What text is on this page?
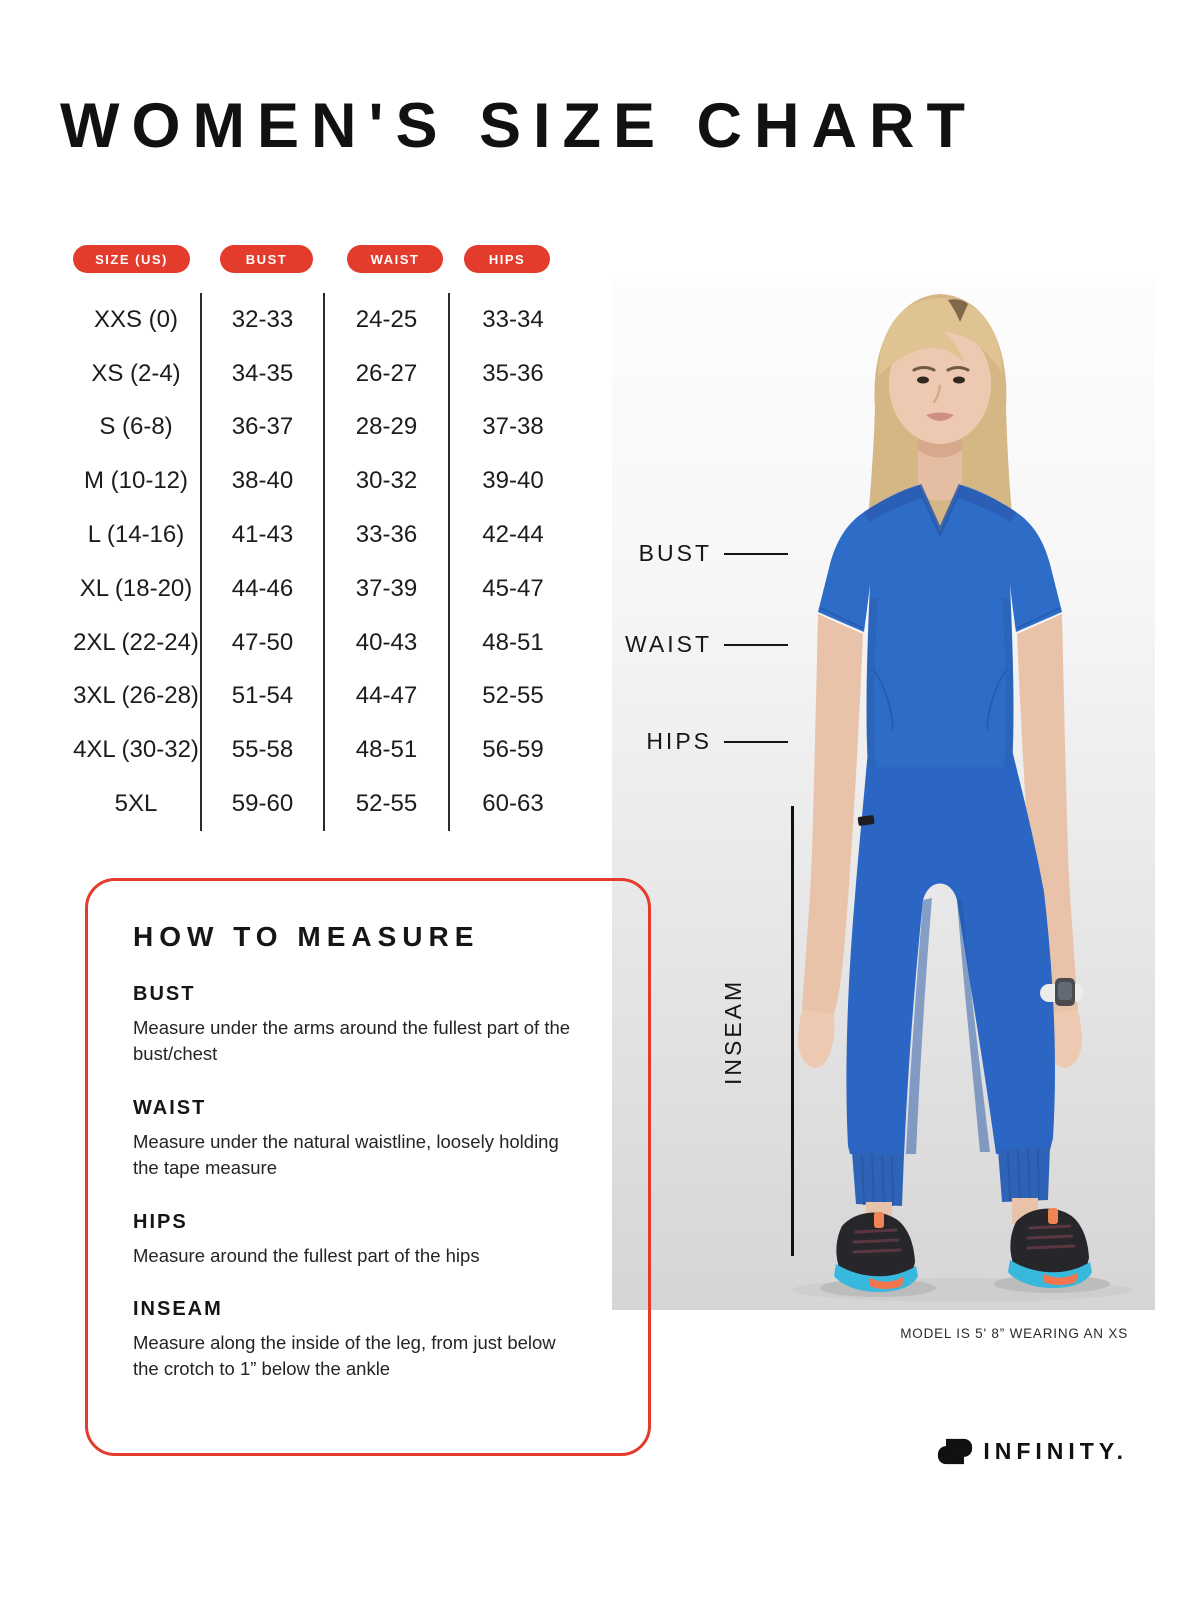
WOMEN'S SIZE CHART
SIZE (US)	BUST	WAIST	HIPS
XXS (0)	32-33	24-25	33-34
XS (2-4)	34-35	26-27	35-36
S (6-8)	36-37	28-29	37-38
M (10-12)	38-40	30-32	39-40
L (14-16)	41-43	33-36	42-44
XL (18-20)	44-46	37-39	45-47
2XL (22-24)	47-50	40-43	48-51
3XL (26-28)	51-54	44-47	52-55
4XL (30-32)	55-58	48-51	56-59
5XL	59-60	52-55	60-63
BUST
WAIST
HIPS
INSEAM
HOW TO MEASURE
BUST

Measure under the arms around the fullest part of the bust/chest

WAIST

Measure under the natural waistline, loosely holding the tape measure

HIPS

Measure around the fullest part of the hips

INSEAM

Measure along the inside of the leg, from just below the crotch to 1” below the ankle

MODEL IS 5' 8” WEARING AN XS
INFINITY.
